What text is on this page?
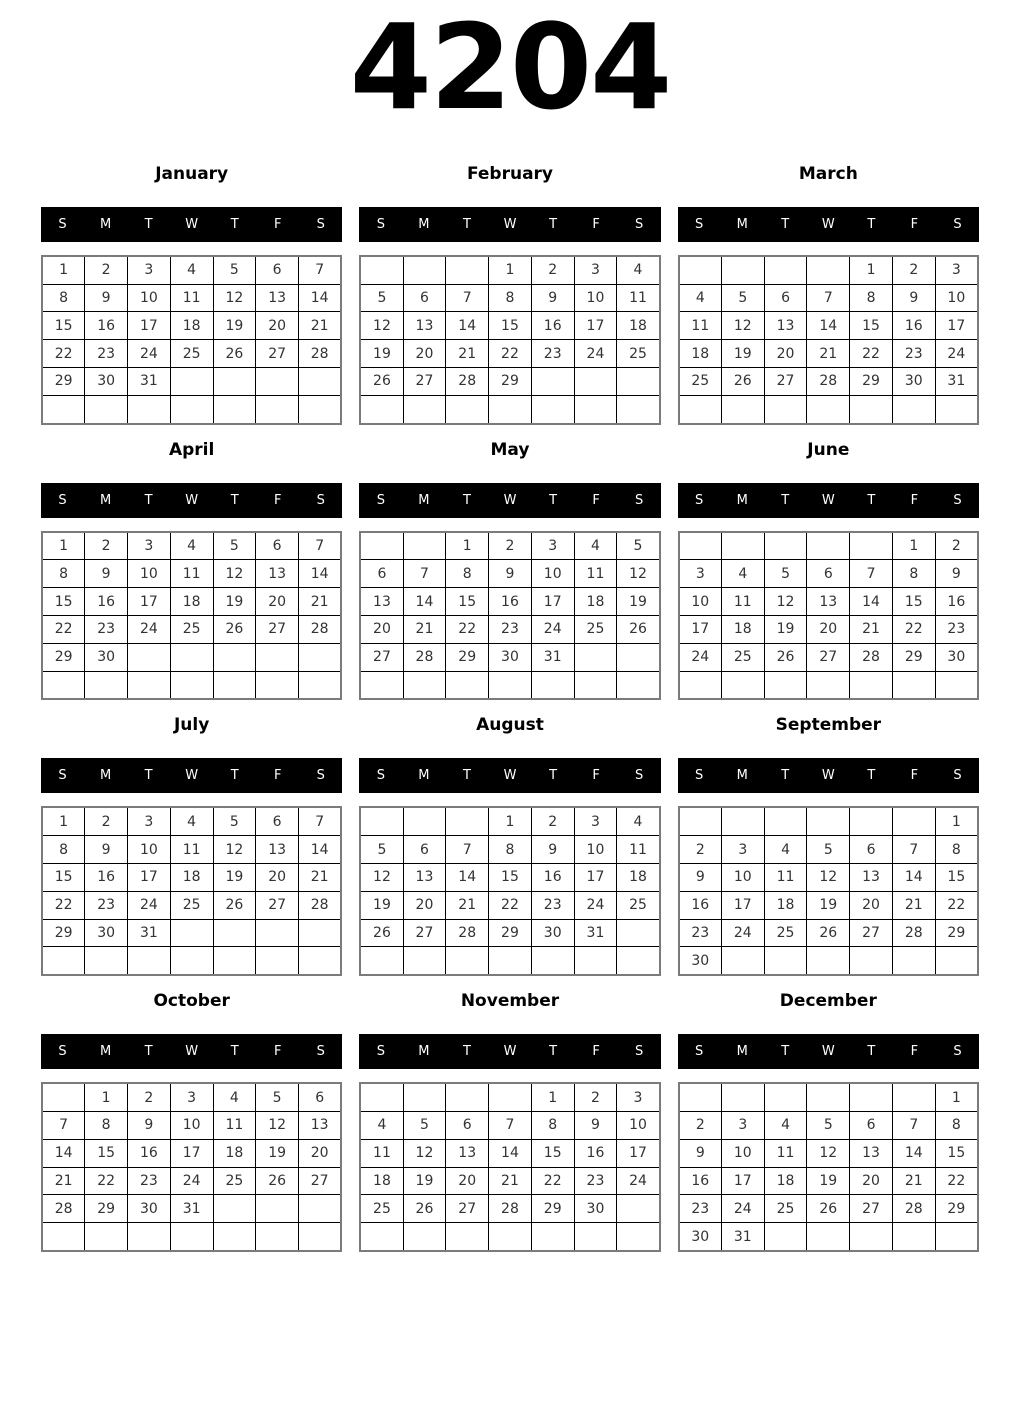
4204
January
S	M	T	W	T	F	S
1	2	3	4	5	6	7
8	9	10	11	12	13	14
15	16	17	18	19	20	21
22	23	24	25	26	27	28
29	30	31				

February
S	M	T	W	T	F	S
			1	2	3	4
5	6	7	8	9	10	11
12	13	14	15	16	17	18
19	20	21	22	23	24	25
26	27	28	29			

March
S	M	T	W	T	F	S
				1	2	3
4	5	6	7	8	9	10
11	12	13	14	15	16	17
18	19	20	21	22	23	24
25	26	27	28	29	30	31

April
S	M	T	W	T	F	S
1	2	3	4	5	6	7
8	9	10	11	12	13	14
15	16	17	18	19	20	21
22	23	24	25	26	27	28
29	30					

May
S	M	T	W	T	F	S
		1	2	3	4	5
6	7	8	9	10	11	12
13	14	15	16	17	18	19
20	21	22	23	24	25	26
27	28	29	30	31		

June
S	M	T	W	T	F	S
					1	2
3	4	5	6	7	8	9
10	11	12	13	14	15	16
17	18	19	20	21	22	23
24	25	26	27	28	29	30

July
S	M	T	W	T	F	S
1	2	3	4	5	6	7
8	9	10	11	12	13	14
15	16	17	18	19	20	21
22	23	24	25	26	27	28
29	30	31				

August
S	M	T	W	T	F	S
			1	2	3	4
5	6	7	8	9	10	11
12	13	14	15	16	17	18
19	20	21	22	23	24	25
26	27	28	29	30	31	

September
S	M	T	W	T	F	S
						1
2	3	4	5	6	7	8
9	10	11	12	13	14	15
16	17	18	19	20	21	22
23	24	25	26	27	28	29
30						
October
S	M	T	W	T	F	S
	1	2	3	4	5	6
7	8	9	10	11	12	13
14	15	16	17	18	19	20
21	22	23	24	25	26	27
28	29	30	31			

November
S	M	T	W	T	F	S
				1	2	3
4	5	6	7	8	9	10
11	12	13	14	15	16	17
18	19	20	21	22	23	24
25	26	27	28	29	30	

December
S	M	T	W	T	F	S
						1
2	3	4	5	6	7	8
9	10	11	12	13	14	15
16	17	18	19	20	21	22
23	24	25	26	27	28	29
30	31					
